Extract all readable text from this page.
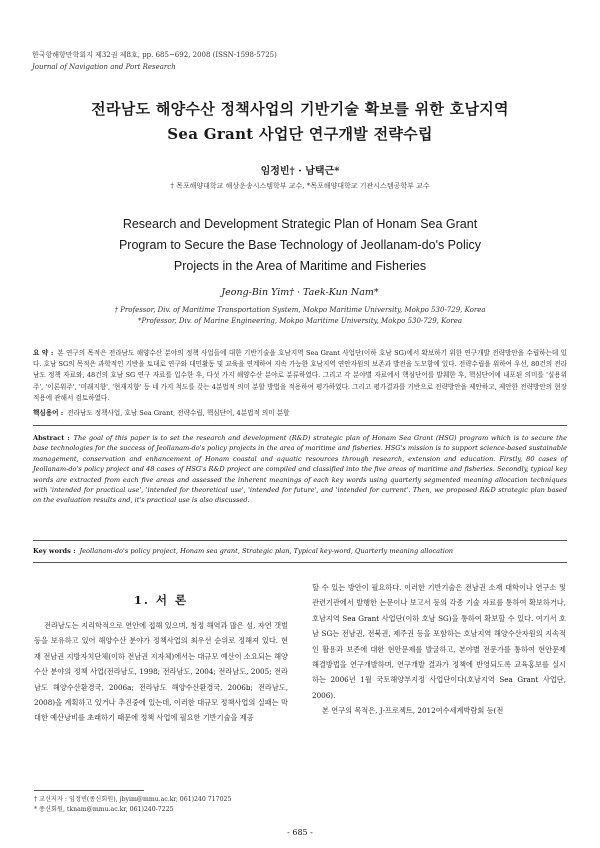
한국항해항만학회지 제32권 제8호, pp. 685~692, 2008 (ISSN-1598-5725)
Journal of Navigation and Port Research
전라남도 해양수산 정책사업의 기반기술 확보를 위한 호남지역
Sea Grant 사업단 연구개발 전략수립
임정빈† · 남택근*
† 목포해양대학교 해상운송시스템학부 교수, *목포해양대학교 기관시스템공학부 교수
Research and Development Strategic Plan of Honam Sea Grant
Program to Secure the Base Technology of Jeollanam-do's Policy
Projects in the Area of Maritime and Fisheries
Jeong-Bin Yim† · Taek-Kun Nam*
† Professor, Div. of Maritime Transportation System, Mokpo Maritime University, Mokpo 530-729, Korea
*Professor, Div. of Marine Engineering, Mokpo Maritime University, Mokpo 530-729, Korea
요 약 : 본 연구의 목적은 전라남도 해양수산 분야의 정책 사업들에 대한 기반기술을 호남지역 Sea Grant 사업단(이하 호남 SG)에서 확보하기 위한 연구개발 전략방안을 수립하는데 있다. 호남 SG의 목적은 과학적인 기반을 토대로 연구와 대민활동 및 교육을 연계하여 지속 가능한 호남지역 연안자원의 보존과 발전을 도모함에 있다. 전략수립을 위하여 우선, 80건의 전라남도 정책 자료와, 48건의 호남 SG 연구 자료를 입수한 후, 다섯 가지 해양수산 분야로 분류하였다. 그리고 각 분야별 자료에서 핵심단어를 발췌한 후, 핵심단어에 내포된 의미를 '실용위주', '이론위주', '미래지향', '현재지향' 등 네 가지 척도를 갖는 4분법적 의미 분할 방법을 적용하여 평가하였다. 그리고 평가결과를 기반으로 전략방안을 제안하고, 제안한 전략방안의 현장적용에 관해서 검토하였다.
핵심용어 : 전라남도 정책사업, 호남 Sea Grant, 전략수립, 핵심단어, 4분법적 의미 분할
Abstract : The goal of this paper is to set the research and development (R&D) strategic plan of Honam Sea Grant (HSG) program which is to secure the base technologies for the success of Jeollanam-do's policy projects in the area of maritime and fisheries. HSG's mission is to support science-based sustainable management, conservation and enhancement of Honam coastal and aquatic resources through research, extension and education. Firstly, 80 cases of Jeollanam-do's policy project and 48 cases of HSG's R&D project are compiled and classified into the five areas of maritime and fisheries. Secondly, typical key words are extracted from each five areas and assessed the inherent meanings of each key words using quarterly segmented meaning allocation techniques with 'intended for practical use', 'intended for theoretical use', 'intended for future', and 'intended for current'. Then, we proposed R&D strategic plan based on the evaluation results and, it's practical use is also discussed.
Key words : Jeollanam-do's policy project, Honam sea grant, Strategic plan, Typical key-word, Quarterly meaning allocation
1. 서 론

전라남도는 지리학적으로 연안에 접해 있으며, 청정 해역과 많은 섬, 자연 갯벌 등을 보유하고 있어 해양수산 분야가 정책사업의 최우선 순위로 정해져 있다. 현재 전남권 지방자치단체(이하 전남권 지자체)에서는 대규모 예산이 소요되는 해양수산 분야의 정책 사업(전라남도, 1998; 전라남도, 2004; 전라남도, 2005; 전라남도 해양수산환경국, 2006a; 전라남도 해양수산환경국, 2006b; 전라남도, 2008)을 계획하고 있거나 추진중에 있는데, 이러한 대규모 정책사업의 실패는 막대한 예산낭비를 초래하기 때문에 정책 사업에 필요한 기반기술을 제공

할 수 있는 방안이 필요하다. 이러한 기반기술은 전남권 소재 대학이나 연구소 및 관련기관에서 발행한 논문이나 보고서 등의 각종 기술 자료를 통하여 확보하거나, 호남지역 Sea Grant 사업단(이하 호남 SG)을 통하여 확보할 수 있다. 여기서 호남 SG는 전남권, 전북권, 제주권 등을 포함하는 호남지역 해양수산자원의 지속적인 활용과 보존에 대한 현안문제를 발굴하고, 본야별 전문가를 통하여 현안문제 해결방법을 연구개발하며, 연구개발 결과가 정책에 반영되도록 교육홍보를 실시하는 2006년 1월 국토해양부지정 사업단이다(호남지역 Sea Grant 사업단, 2006).

본 연구의 목적은, J-프로젝트, 2012여수세계박람회 등(전

† 교신저자 : 임정빈(종신회원), jbyim@mmu.ac.kr, 061)240 717025
* 종신회원, tknam@mmu.ac.kr, 061)240-7225
- 685 -
